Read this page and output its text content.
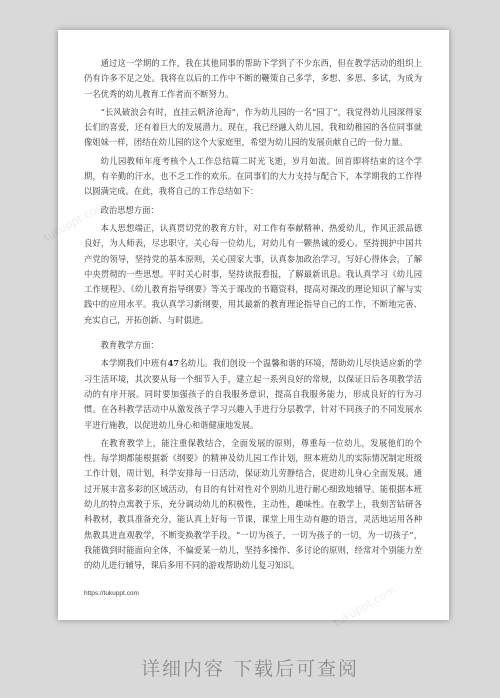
通过这一学期的工作，我在其他同事的帮助下学到了不少东西，但在教学活动的组织上仍有许多不足之处。我将在以后的工作中不断的鞭策自己多学，多想、多思、多试，为成为一名优秀的幼儿教育工作者而不断努力。

“长风破浪会有时，直挂云帆济沧海”，作为幼儿园的一名“园丁”，我觉得幼儿园深得家长们的喜爱，还有着巨大的发展潜力。现在，我已经融入幼儿园，我和幼稚园的各位同事就像姐妹一样，团结在幼儿园的这个大家庭里，希望为幼儿园的发展贡献自己的一份力量。

幼儿园教师年度考核个人工作总结篇二时光飞逝，岁月如流。回首即将结束的这个学期，有辛勤的汗水，也不乏工作的欢乐。在同事们的大力支持与配合下，本学期我的工作得以圆满完成。在此，我将自己的工作总结如下：

政治思想方面：

本人思想端正，认真贯切党的教育方针，对工作有奉献精神、热爱幼儿，作风正派品德良好，为人师表，尽忠职守，关心每一位幼儿，对幼儿有一颗热诚的爱心。坚持拥护中国共产党的领导，坚持党的基本原则，关心国家大事，认真参加政治学习，写好心得体会，了解中央贯彻的一些思想。平时关心时事，坚持读报看报，了解最新讯息。我认真学习《幼儿园工作规程》、《幼儿教育指导纲要》等关于课改的书籍资料，提高对课改的理论知识了解与实践中的应用水平。我认真学习新纲要，用其最新的教育理论指导自己的工作，不断地完善、充实自己，开拓创新、与时俱进。

教育教学方面：

本学期我们中班有47名幼儿。我们创设一个温馨和谐的环境，帮助幼儿尽快适应新的学习生活环境，其次要从每一个细节入手，建立起一系列良好的常规，以保证日后各项教学活动的有序开展。同时要加强孩子的自我服务意识，提高自我服务能力，形成良好的行为习惯。在各科教学活动中从激发孩子学习兴趣入手进行分层教学，针对不同孩子的不同发展水平进行施教，以促进幼儿身心和谐健康地发展。

在教育教学上，能注重保教结合，全面发展的原则，尊重每一位幼儿，发展他们的个性。每学期都能根据新《纲要》的精神及幼儿园工作计划，照本班幼儿的实际情况制定班级工作计划，周计划，科学安排每一日活动，保证幼儿劳静结合，促进幼儿身心全面发展。通过开展丰富多彩的区域活动，有目的有针对性对个别幼儿进行耐心细致地辅导。能根据本班幼儿的特点寓教于乐，充分调动幼儿的积极性，主动性，趣味性。在教学上，我刻苦钻研各科教材，教具准备充分，能认真上好每一节课，课堂上用生动有趣的语言，灵活地运用各种焦教具进直观教学，不断变换教学手段。“一切为孩子，一切为孩子的一切，为一切孩子”，我能做到时能面向全体，不偏爱某一幼儿，坚持多操作、多讨论的原则，经常对个别能力差的幼儿进行辅导，课后多用不同的游戏帮助幼儿复习知识。

https://tukuppt.com
详细内容 下载后可查阅
